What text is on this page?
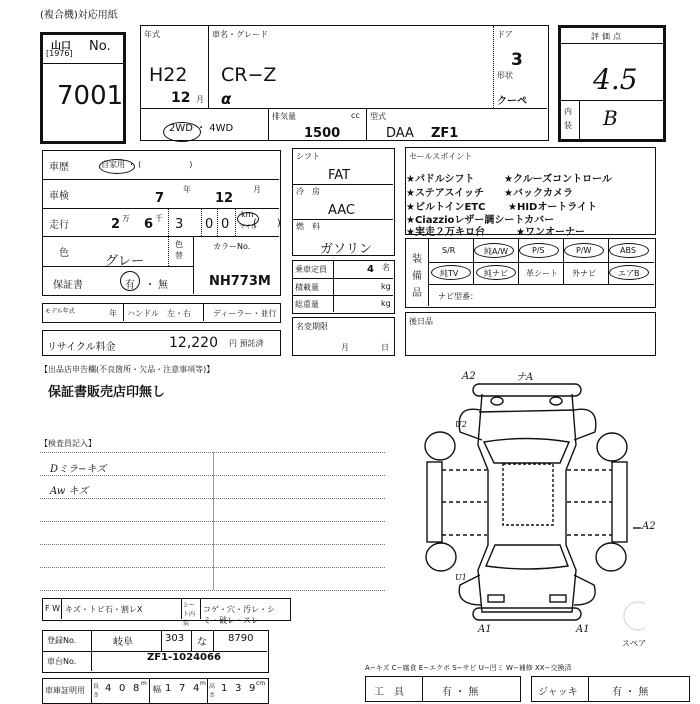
(複合機)対応用紙
山口
[1976] No.
7001
年式
H22
12 月
車名・グレード
CR−Z
α
ドア
3
形状
クーペ
2WD ・ 4WD
排気量	cc
1500
型式
DAA ZF1
評価点
4.5
内装 B
車歴	自家用 ・ (　　　　　　)
車検	7
年
12
月
走行	2 万 6 千 3 0 0
km
マイル
(　　)
色
グレー
色替
カラーNo.
NH773M
保証書	有 ・ 無
モデル年式	年 ハンドル　左・右	ディーラー・並行
リサイクル料金	12,220 円 預託済
シフト
FAT
冷　房
AAC
燃　料
ガソリン
乗車定員	4 名
積載量	kg
総重量	kg
名変期限
月	日
セールスポイント
★パドルシフト	★クルーズコントロール
★ステアスイッチ ★バックカメラ
★ビルトインETC ★HIDオートライト
★Ciazzioレザー調シートカバー
★実走２万キロ台	★ワンオーナー
装備品
S/R	純A/W	P/S	P/W	ABS
純TV	純ナビ 革シート 外ナビ	エアB
ナビ型番：
後日品
【出品店申告欄(不良箇所・欠品・注意事項等)】
保証書販売店印無し
【検査員記入】
Dミラ−キズ
Aw キズ
A2	ナA
U2
U1
A2
A1	A1
スペア
F W キズ・トビ石・割レX	シート内装
コゲ・穴・汚レ・シミ・破レ・スレ
登録No.	岐阜	303 な 8790
車台No.	ZF1-1024066
車庫証明用 長さ
4 0 8 m
幅 1 7 4 m 高さ
1 3 9 cm
A−キズ C−腐食 E−エクボ S−サビ U−凹ミ W−補修 XX−交換済
工　具	有 ・ 無	ジャッキ	有 ・ 無
